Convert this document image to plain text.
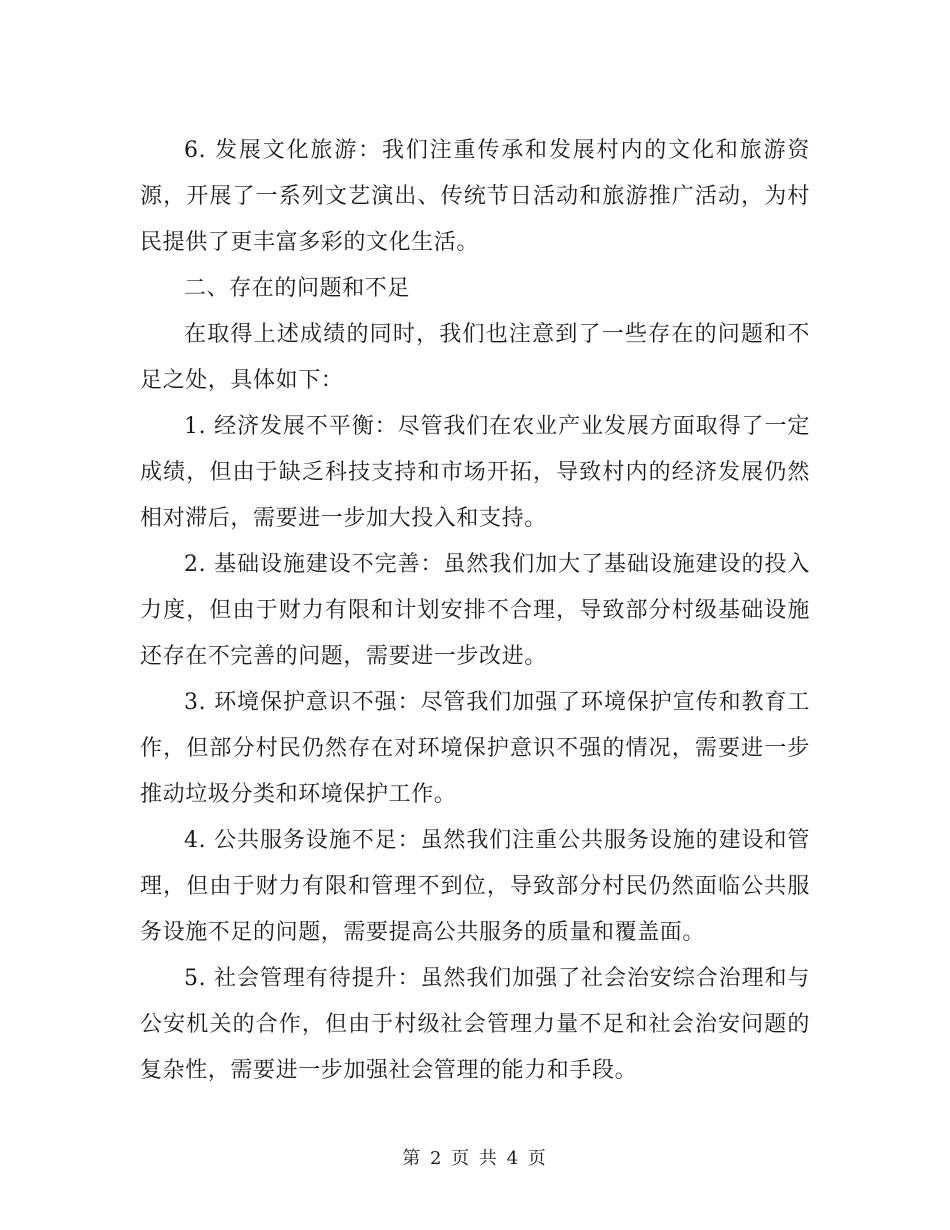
6. 发展文化旅游：我们注重传承和发展村内的文化和旅游资源，开展了一系列文艺演出、传统节日活动和旅游推广活动，为村民提供了更丰富多彩的文化生活。

二、存在的问题和不足

在取得上述成绩的同时，我们也注意到了一些存在的问题和不足之处，具体如下：

1. 经济发展不平衡：尽管我们在农业产业发展方面取得了一定成绩，但由于缺乏科技支持和市场开拓，导致村内的经济发展仍然相对滞后，需要进一步加大投入和支持。

2. 基础设施建设不完善：虽然我们加大了基础设施建设的投入力度，但由于财力有限和计划安排不合理，导致部分村级基础设施还存在不完善的问题，需要进一步改进。

3. 环境保护意识不强：尽管我们加强了环境保护宣传和教育工作，但部分村民仍然存在对环境保护意识不强的情况，需要进一步推动垃圾分类和环境保护工作。

4. 公共服务设施不足：虽然我们注重公共服务设施的建设和管理，但由于财力有限和管理不到位，导致部分村民仍然面临公共服务设施不足的问题，需要提高公共服务的质量和覆盖面。

5. 社会管理有待提升：虽然我们加强了社会治安综合治理和与公安机关的合作，但由于村级社会管理力量不足和社会治安问题的复杂性，需要进一步加强社会管理的能力和手段。

第 2 页 共 4 页
